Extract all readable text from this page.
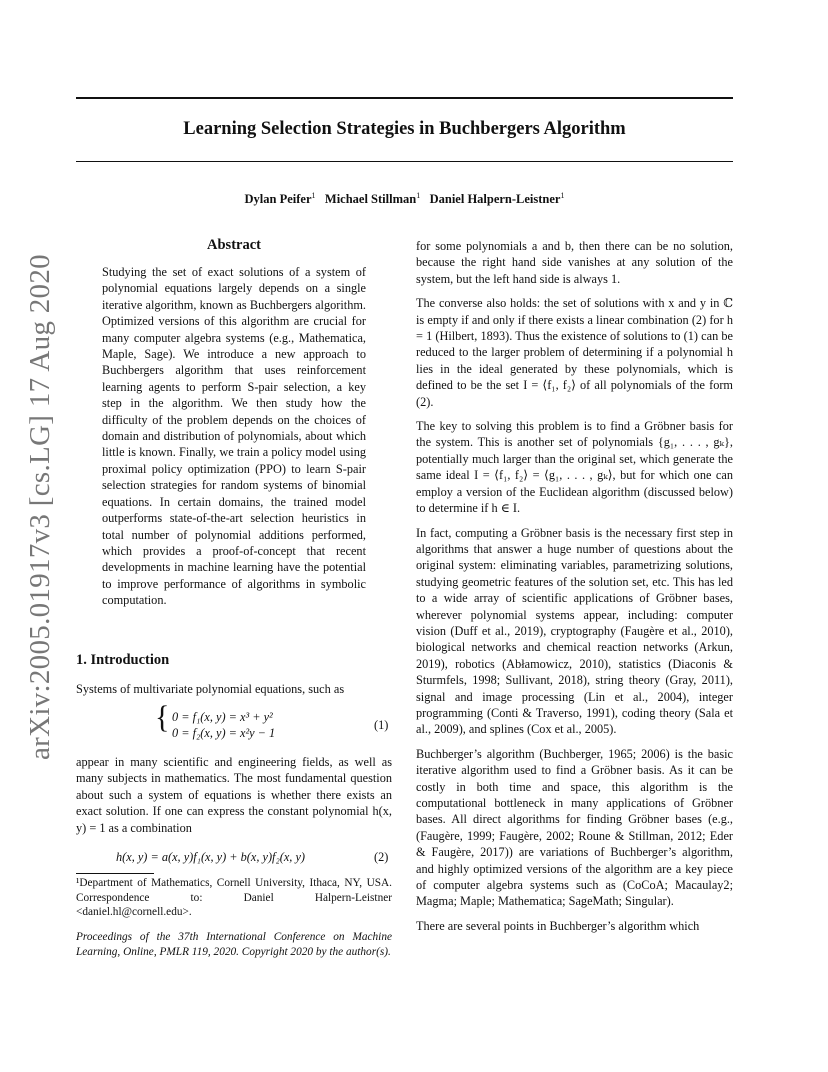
Learning Selection Strategies in Buchbergers Algorithm
Dylan Peifer$^1$ Michael Stillman$^1$ Daniel Halpern-Leistner$^1$
arXiv:2005.01917v3 [cs.LG] 17 Aug 2020
Abstract

Studying the set of exact solutions of a system of polynomial equations largely depends on a single iterative algorithm, known as Buchbergers algorithm. Optimized versions of this algorithm are crucial for many computer algebra systems (e.g., Mathematica, Maple, Sage). We introduce a new approach to Buchbergers algorithm that uses reinforcement learning agents to perform S-pair selection, a key step in the algorithm. We then study how the difficulty of the problem depends on the choices of domain and distribution of polynomials, about which little is known. Finally, we train a policy model using proximal policy optimization (PPO) to learn S-pair selection strategies for random systems of binomial equations. In certain domains, the trained model outperforms state-of-the-art selection heuristics in total number of polynomial additions performed, which provides a proof-of-concept that recent developments in machine learning have the potential to improve performance of algorithms in symbolic computation.

1. Introduction

Systems of multivariate polynomial equations, such as

{ 0 = f₁(x, y) = x³ + y²
0 = f₂(x, y) = x²y − 1
(1)

appear in many scientific and engineering fields, as well as many subjects in mathematics. The most fundamental question about such a system of equations is whether there exists an exact solution. If one can express the constant polynomial h(x, y) = 1 as a combination

h(x, y) = a(x, y)f₁(x, y) + b(x, y)f₂(x, y)	(2)

¹Department of Mathematics, Cornell University, Ithaca, NY, USA. Correspondence to: Daniel Halpern-Leistner <daniel.hl@cornell.edu>.

Proceedings of the 37th International Conference on Machine Learning, Online, PMLR 119, 2020. Copyright 2020 by the author(s).

for some polynomials a and b, then there can be no solution, because the right hand side vanishes at any solution of the system, but the left hand side is always 1.

The converse also holds: the set of solutions with x and y in ℂ is empty if and only if there exists a linear combination (2) for h = 1 (Hilbert, 1893). Thus the existence of solutions to (1) can be reduced to the larger problem of determining if a polynomial h lies in the ideal generated by these polynomials, which is defined to be the set I = ⟨f₁, f₂⟩ of all polynomials of the form (2).

The key to solving this problem is to find a Gröbner basis for the system. This is another set of polynomials {g₁, . . . , gₖ}, potentially much larger than the original set, which generate the same ideal I = ⟨f₁, f₂⟩ = ⟨g₁, . . . , gₖ⟩, but for which one can employ a version of the Euclidean algorithm (discussed below) to determine if h ∈ I.

In fact, computing a Gröbner basis is the necessary first step in algorithms that answer a huge number of questions about the original system: eliminating variables, parametrizing solutions, studying geometric features of the solution set, etc. This has led to a wide array of scientific applications of Gröbner bases, wherever polynomial systems appear, including: computer vision (Duff et al., 2019), cryptography (Faugère et al., 2010), biological networks and chemical reaction networks (Arkun, 2019), robotics (Abłamowicz, 2010), statistics (Diaconis & Sturmfels, 1998; Sullivant, 2018), string theory (Gray, 2011), signal and image processing (Lin et al., 2004), integer programming (Conti & Traverso, 1991), coding theory (Sala et al., 2009), and splines (Cox et al., 2005).

Buchberger’s algorithm (Buchberger, 1965; 2006) is the basic iterative algorithm used to find a Gröbner basis. As it can be costly in both time and space, this algorithm is the computational bottleneck in many applications of Gröbner bases. All direct algorithms for finding Gröbner bases (e.g., (Faugère, 1999; Faugère, 2002; Roune & Stillman, 2012; Eder & Faugère, 2017)) are variations of Buchberger’s algorithm, and highly optimized versions of the algorithm are a key piece of computer algebra systems such as (CoCoA; Macaulay2; Magma; Maple; Mathematica; SageMath; Singular).

There are several points in Buchberger’s algorithm which
